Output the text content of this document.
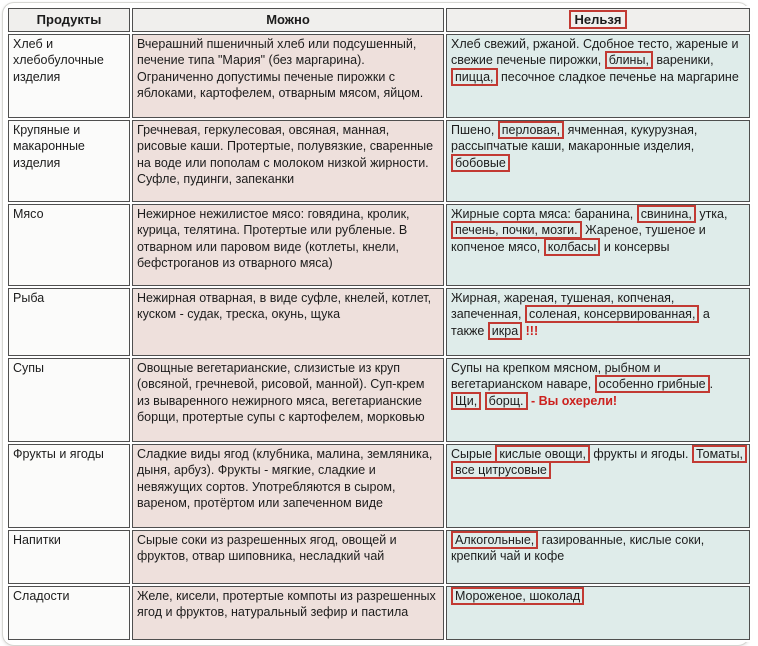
Продукты	Можно	Нельзя
Хлеб и хлебобулочные изделия	Вчерашний пшеничный хлеб или подсушенный, печение типа "Мария" (без маргарина). Ограниченно допустимы печеные пирожки с яблоками, картофелем, отварным мясом, яйцом.	Хлеб свежий, ржаной. Сдобное тесто, жареные и свежие печеные пирожки, блины, вареники, пицца, песочное сладкое печенье на маргарине
Крупяные и макаронные изделия	Гречневая, геркулесовая, овсяная, манная, рисовые каши. Протертые, полувязкие, сваренные на воде или пополам с молоком низкой жирности. Суфле, пудинги, запеканки	Пшено, перловая, ячменная, кукурузная, рассыпчатые каши, макаронные изделия, бобовые
Мясо	Нежирное нежилистое мясо: говядина, кролик, курица, телятина. Протертые или рубленые. В отварном или паровом виде (котлеты, кнели, бефстроганов из отварного мяса)	Жирные сорта мяса: баранина, свинина, утка, печень, почки, мозги. Жареное, тушеное и копченое мясо, колбасы и консервы
Рыба	Нежирная отварная, в виде суфле, кнелей, котлет, куском - судак, треска, окунь, щука	Жирная, жареная, тушеная, копченая, запеченная, соленая, консервированная, а также икра !!!
Супы	Овощные вегетарианские, слизистые из круп (овсяной, гречневой, рисовой, манной). Суп-крем из вываренного нежирного мяса, вегетарианские борщи, протертые супы с картофелем, морковью	Супы на крепком мясном, рыбном и вегетарианском наваре, особенно грибные . Щи, борщ. - Вы охерели!
Фрукты и ягоды	Сладкие виды ягод (клубника, малина, земляника, дыня, арбуз). Фрукты - мягкие, сладкие и невяжущих сортов. Употребляются в сыром, вареном, протёртом или запеченном виде	Сырые кислые овощи, фрукты и ягоды. Томаты, все цитрусовые
Напитки	Сырые соки из разрешенных ягод, овощей и фруктов, отвар шиповника, несладкий чай	Алкогольные, газированные, кислые соки, крепкий чай и кофе
Сладости	Желе, кисели, протертые компоты из разрешенных ягод и фруктов, натуральный зефир и пастила	Мороженое, шоколад
